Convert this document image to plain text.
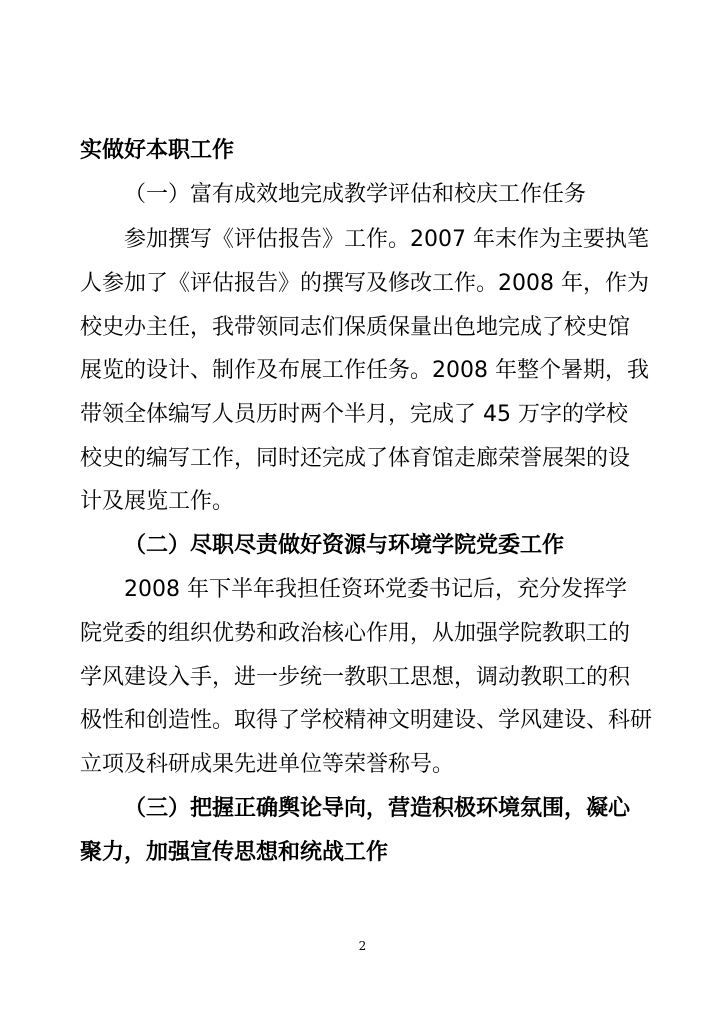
实做好本职工作
（一）富有成效地完成教学评估和校庆工作任务
参加撰写《评估报告》工作。2007 年末作为主要执笔
人参加了《评估报告》的撰写及修改工作。2008 年，作为
校史办主任，我带领同志们保质保量出色地完成了校史馆
展览的设计、制作及布展工作任务。2008 年整个暑期，我
带领全体编写人员历时两个半月，完成了 45 万字的学校
校史的编写工作，同时还完成了体育馆走廊荣誉展架的设
计及展览工作。
（二）尽职尽责做好资源与环境学院党委工作
2008 年下半年我担任资环党委书记后，充分发挥学
院党委的组织优势和政治核心作用，从加强学院教职工的
学风建设入手，进一步统一教职工思想，调动教职工的积
极性和创造性。取得了学校精神文明建设、学风建设、科研
立项及科研成果先进单位等荣誉称号。
（三）把握正确舆论导向，营造积极环境氛围，凝心
聚力，加强宣传思想和统战工作
2
